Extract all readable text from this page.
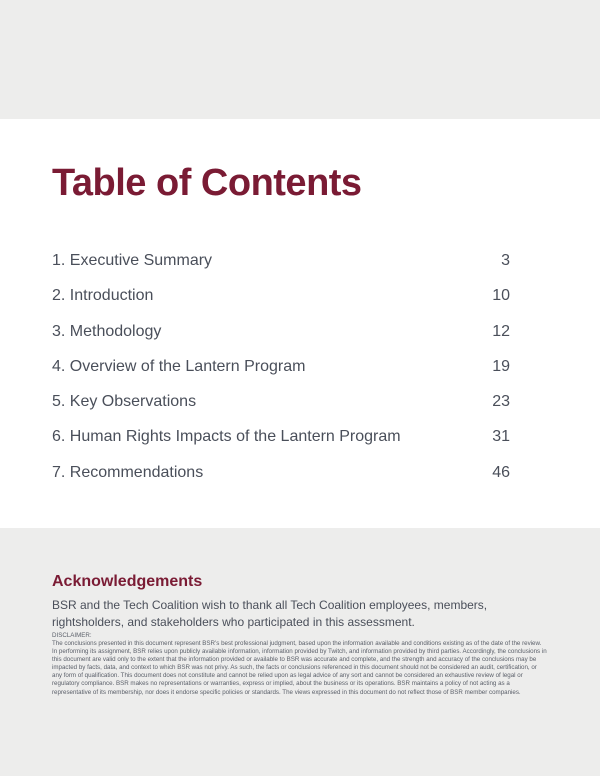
Table of Contents
1. Executive Summary	3
2. Introduction	10
3. Methodology	12
4. Overview of the Lantern Program	19
5. Key Observations	23
6. Human Rights Impacts of the Lantern Program	31
7. Recommendations	46
Acknowledgements

BSR and the Tech Coalition wish to thank all Tech Coalition employees, members, rightsholders, and stakeholders who participated in this assessment.

DISCLAIMER:

The conclusions presented in this document represent BSR’s best professional judgment, based upon the information available and conditions existing as of the date of the review. In performing its assignment, BSR relies upon publicly available information, information provided by Twitch, and information provided by third parties. Accordingly, the conclusions in this document are valid only to the extent that the information provided or available to BSR was accurate and complete, and the strength and accuracy of the conclusions may be impacted by facts, data, and context to which BSR was not privy. As such, the facts or conclusions referenced in this document should not be considered an audit, certification, or any form of qualification. This document does not constitute and cannot be relied upon as legal advice of any sort and cannot be considered an exhaustive review of legal or regulatory compliance. BSR makes no representations or warranties, express or implied, about the business or its operations. BSR maintains a policy of not acting as a representative of its membership, nor does it endorse specific policies or standards. The views expressed in this document do not reflect those of BSR member companies.
